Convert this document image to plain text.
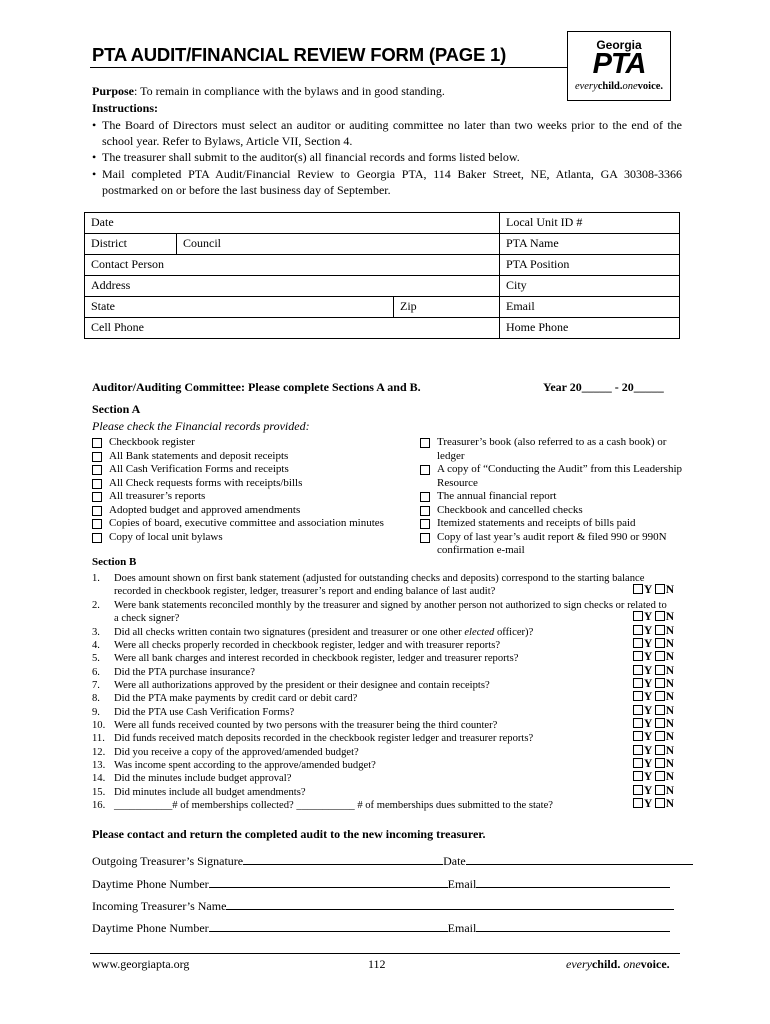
PTA AUDIT/FINANCIAL REVIEW FORM (PAGE 1)	Georgia
PTA
everychild.onevoice.
Purpose: To remain in compliance with the bylaws and in good standing.
Instructions:
• The Board of Directors must select an auditor or auditing committee no later than two weeks prior to the end of the school year. Refer to Bylaws, Article VII, Section 4.
• The treasurer shall submit to the auditor(s) all financial records and forms listed below.
• Mail completed PTA Audit/Financial Review to Georgia PTA, 114 Baker Street, NE, Atlanta, GA 30308-3366 postmarked on or before the last business day of September.
Date			Local Unit ID #
District	Council		PTA Name
Contact Person			PTA Position
Address			City
State		Zip	Email
Cell Phone			Home Phone
Auditor/Auditing Committee: Please complete Sections A and B.	Year 20_____ - 20_____
Section A
Please check the Financial records provided:
Checkbook register
All Bank statements and deposit receipts
All Cash Verification Forms and receipts
All Check requests forms with receipts/bills
All treasurer’s reports
Adopted budget and approved amendments
Copies of board, executive committee and association minutes
Copy of local unit bylaws
Treasurer’s book (also referred to as a cash book) or ledger
A copy of “Conducting the Audit” from this Leadership Resource
The annual financial report
Checkbook and cancelled checks
Itemized statements and receipts of bills paid
Copy of last year’s audit report & filed 990 or 990N confirmation e-mail
Section B
1. Does amount shown on first bank statement (adjusted for outstanding checks and deposits) correspond to the starting balance recorded in checkbook register, ledger, treasurer’s report and ending balance of last audit?	Y N
2. Were bank statements reconciled monthly by the treasurer and signed by another person not authorized to sign checks or related to a check signer?	Y N
3. Did all checks written contain two signatures (president and treasurer or one other elected officer)?	Y N
4. Were all checks properly recorded in checkbook register, ledger and with treasurer reports?	Y N
5. Were all bank charges and interest recorded in checkbook register, ledger and treasurer reports?	Y N
6. Did the PTA purchase insurance?	Y N
7. Were all authorizations approved by the president or their designee and contain receipts?	Y N
8. Did the PTA make payments by credit card or debit card?	Y N
9. Did the PTA use Cash Verification Forms?	Y N
10. Were all funds received counted by two persons with the treasurer being the third counter?	Y N
11. Did funds received match deposits recorded in the checkbook register ledger and treasurer reports?	Y N
12. Did you receive a copy of the approved/amended budget?	Y N
13. Was income spent according to the approve/amended budget?	Y N
14. Did the minutes include budget approval?	Y N
15. Did minutes include all budget amendments?	Y N
16. ___________# of memberships collected? ___________ # of memberships dues submitted to the state?	Y N
Please contact and return the completed audit to the new incoming treasurer.
Outgoing Treasurer’s Signature	Date
Daytime Phone Number	Email
Incoming Treasurer’s Name
Daytime Phone Number	Email
www.georgiapta.org	112	everychild. onevoice.
